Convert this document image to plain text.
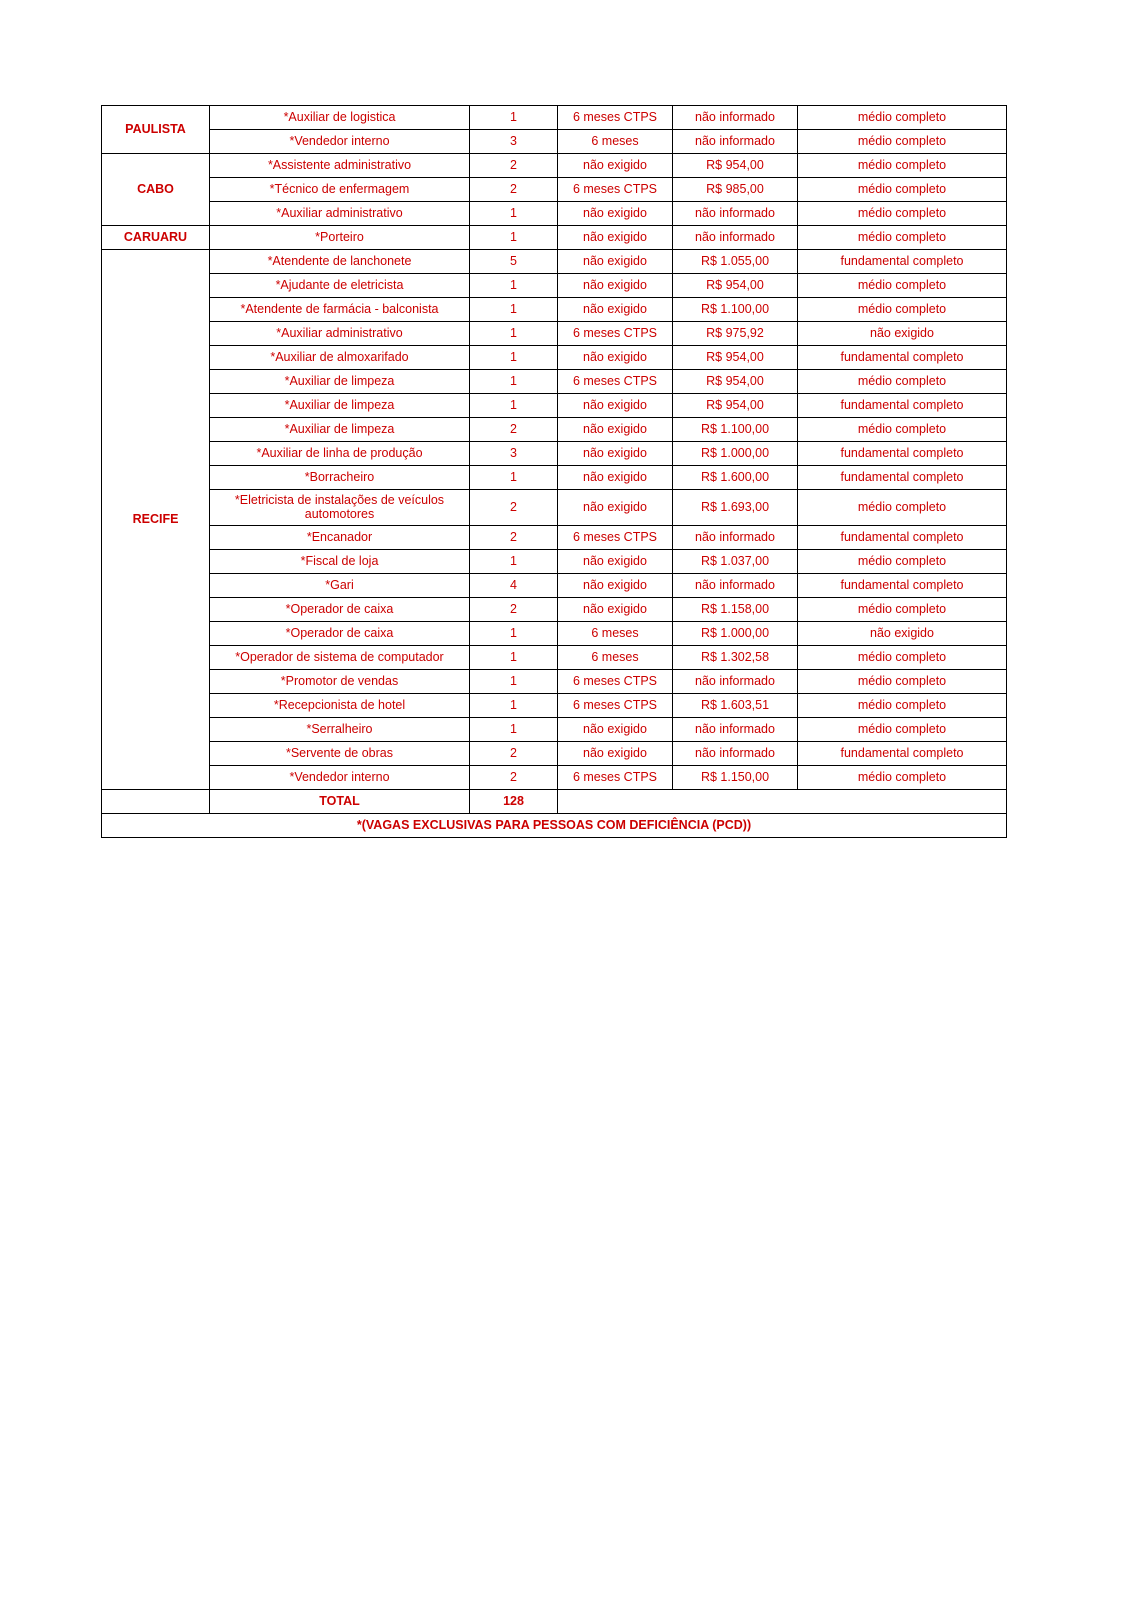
PAULISTA	*Auxiliar de logistica	1	6 meses CTPS	não informado	médio completo
	*Vendedor interno	3	6 meses	não informado	médio completo
CABO	*Assistente administrativo	2	não exigido	R$ 954,00	médio completo
	*Técnico de enfermagem	2	6 meses CTPS	R$ 985,00	médio completo
	*Auxiliar administrativo	1	não exigido	não informado	médio completo
CARUARU	*Porteiro	1	não exigido	não informado	médio completo
RECIFE	*Atendente de lanchonete	5	não exigido	R$ 1.055,00	fundamental completo
	*Ajudante de eletricista	1	não exigido	R$ 954,00	médio completo
	*Atendente de farmácia - balconista	1	não exigido	R$ 1.100,00	médio completo
	*Auxiliar administrativo	1	6 meses CTPS	R$ 975,92	não exigido
	*Auxiliar de almoxarifado	1	não exigido	R$ 954,00	fundamental completo
	*Auxiliar de limpeza	1	6 meses CTPS	R$ 954,00	médio completo
	*Auxiliar de limpeza	1	não exigido	R$ 954,00	fundamental completo
	*Auxiliar de limpeza	2	não exigido	R$ 1.100,00	médio completo
	*Auxiliar de linha de produção	3	não exigido	R$ 1.000,00	fundamental completo
	*Borracheiro	1	não exigido	R$ 1.600,00	fundamental completo
	*Eletricista de instalações de veículos automotores	2	não exigido	R$ 1.693,00	médio completo
	*Encanador	2	6 meses CTPS	não informado	fundamental completo
	*Fiscal de loja	1	não exigido	R$ 1.037,00	médio completo
	*Gari	4	não exigido	não informado	fundamental completo
	*Operador de caixa	2	não exigido	R$ 1.158,00	médio completo
	*Operador de caixa	1	6 meses	R$ 1.000,00	não exigido
	*Operador de sistema de computador	1	6 meses	R$ 1.302,58	médio completo
	*Promotor de vendas	1	6 meses CTPS	não informado	médio completo
	*Recepcionista de hotel	1	6 meses CTPS	R$ 1.603,51	médio completo
	*Serralheiro	1	não exigido	não informado	médio completo
	*Servente de obras	2	não exigido	não informado	fundamental completo
	*Vendedor interno	2	6 meses CTPS	R$ 1.150,00	médio completo
	TOTAL	128			
*(VAGAS EXCLUSIVAS PARA PESSOAS COM DEFICIÊNCIA (PCD))					
